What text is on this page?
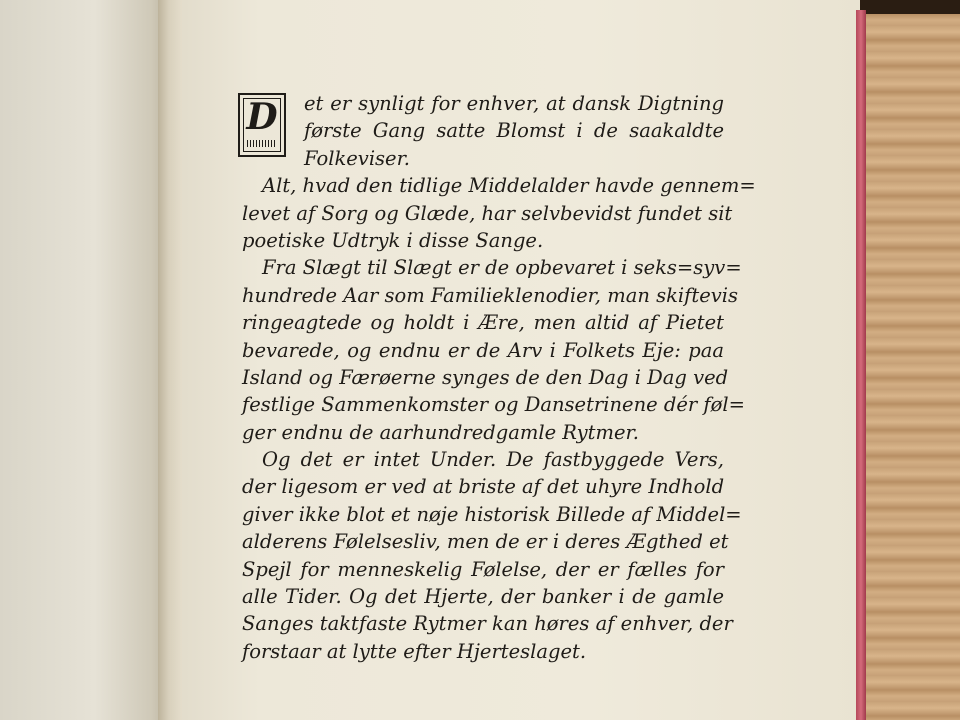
D	et er synligt for enhver, at dansk Digtning
første Gang satte Blomst i de saakaldte
Folkeviser.
Alt, hvad den tidlige Middelalder havde gennem=
levet af Sorg og Glæde, har selvbevidst fundet sit
poetiske Udtryk i disse Sange.
Fra Slægt til Slægt er de opbevaret i seks=syv=
hundrede Aar som Familieklenodier, man skiftevis
ringeagtede og holdt i Ære, men altid af Pietet
bevarede, og endnu er de Arv i Folkets Eje: paa
Island og Færøerne synges de den Dag i Dag ved
festlige Sammenkomster og Dansetrinene dér føl=
ger endnu de aarhundredgamle Rytmer.
Og det er intet Under. De fastbyggede Vers,
der ligesom er ved at briste af det uhyre Indhold
giver ikke blot et nøje historisk Billede af Middel=
alderens Følelsesliv, men de er i deres Ægthed et
Spejl for menneskelig Følelse, der er fælles for
alle Tider. Og det Hjerte, der banker i de gamle
Sanges taktfaste Rytmer kan høres af enhver, der
forstaar at lytte efter Hjerteslaget.
